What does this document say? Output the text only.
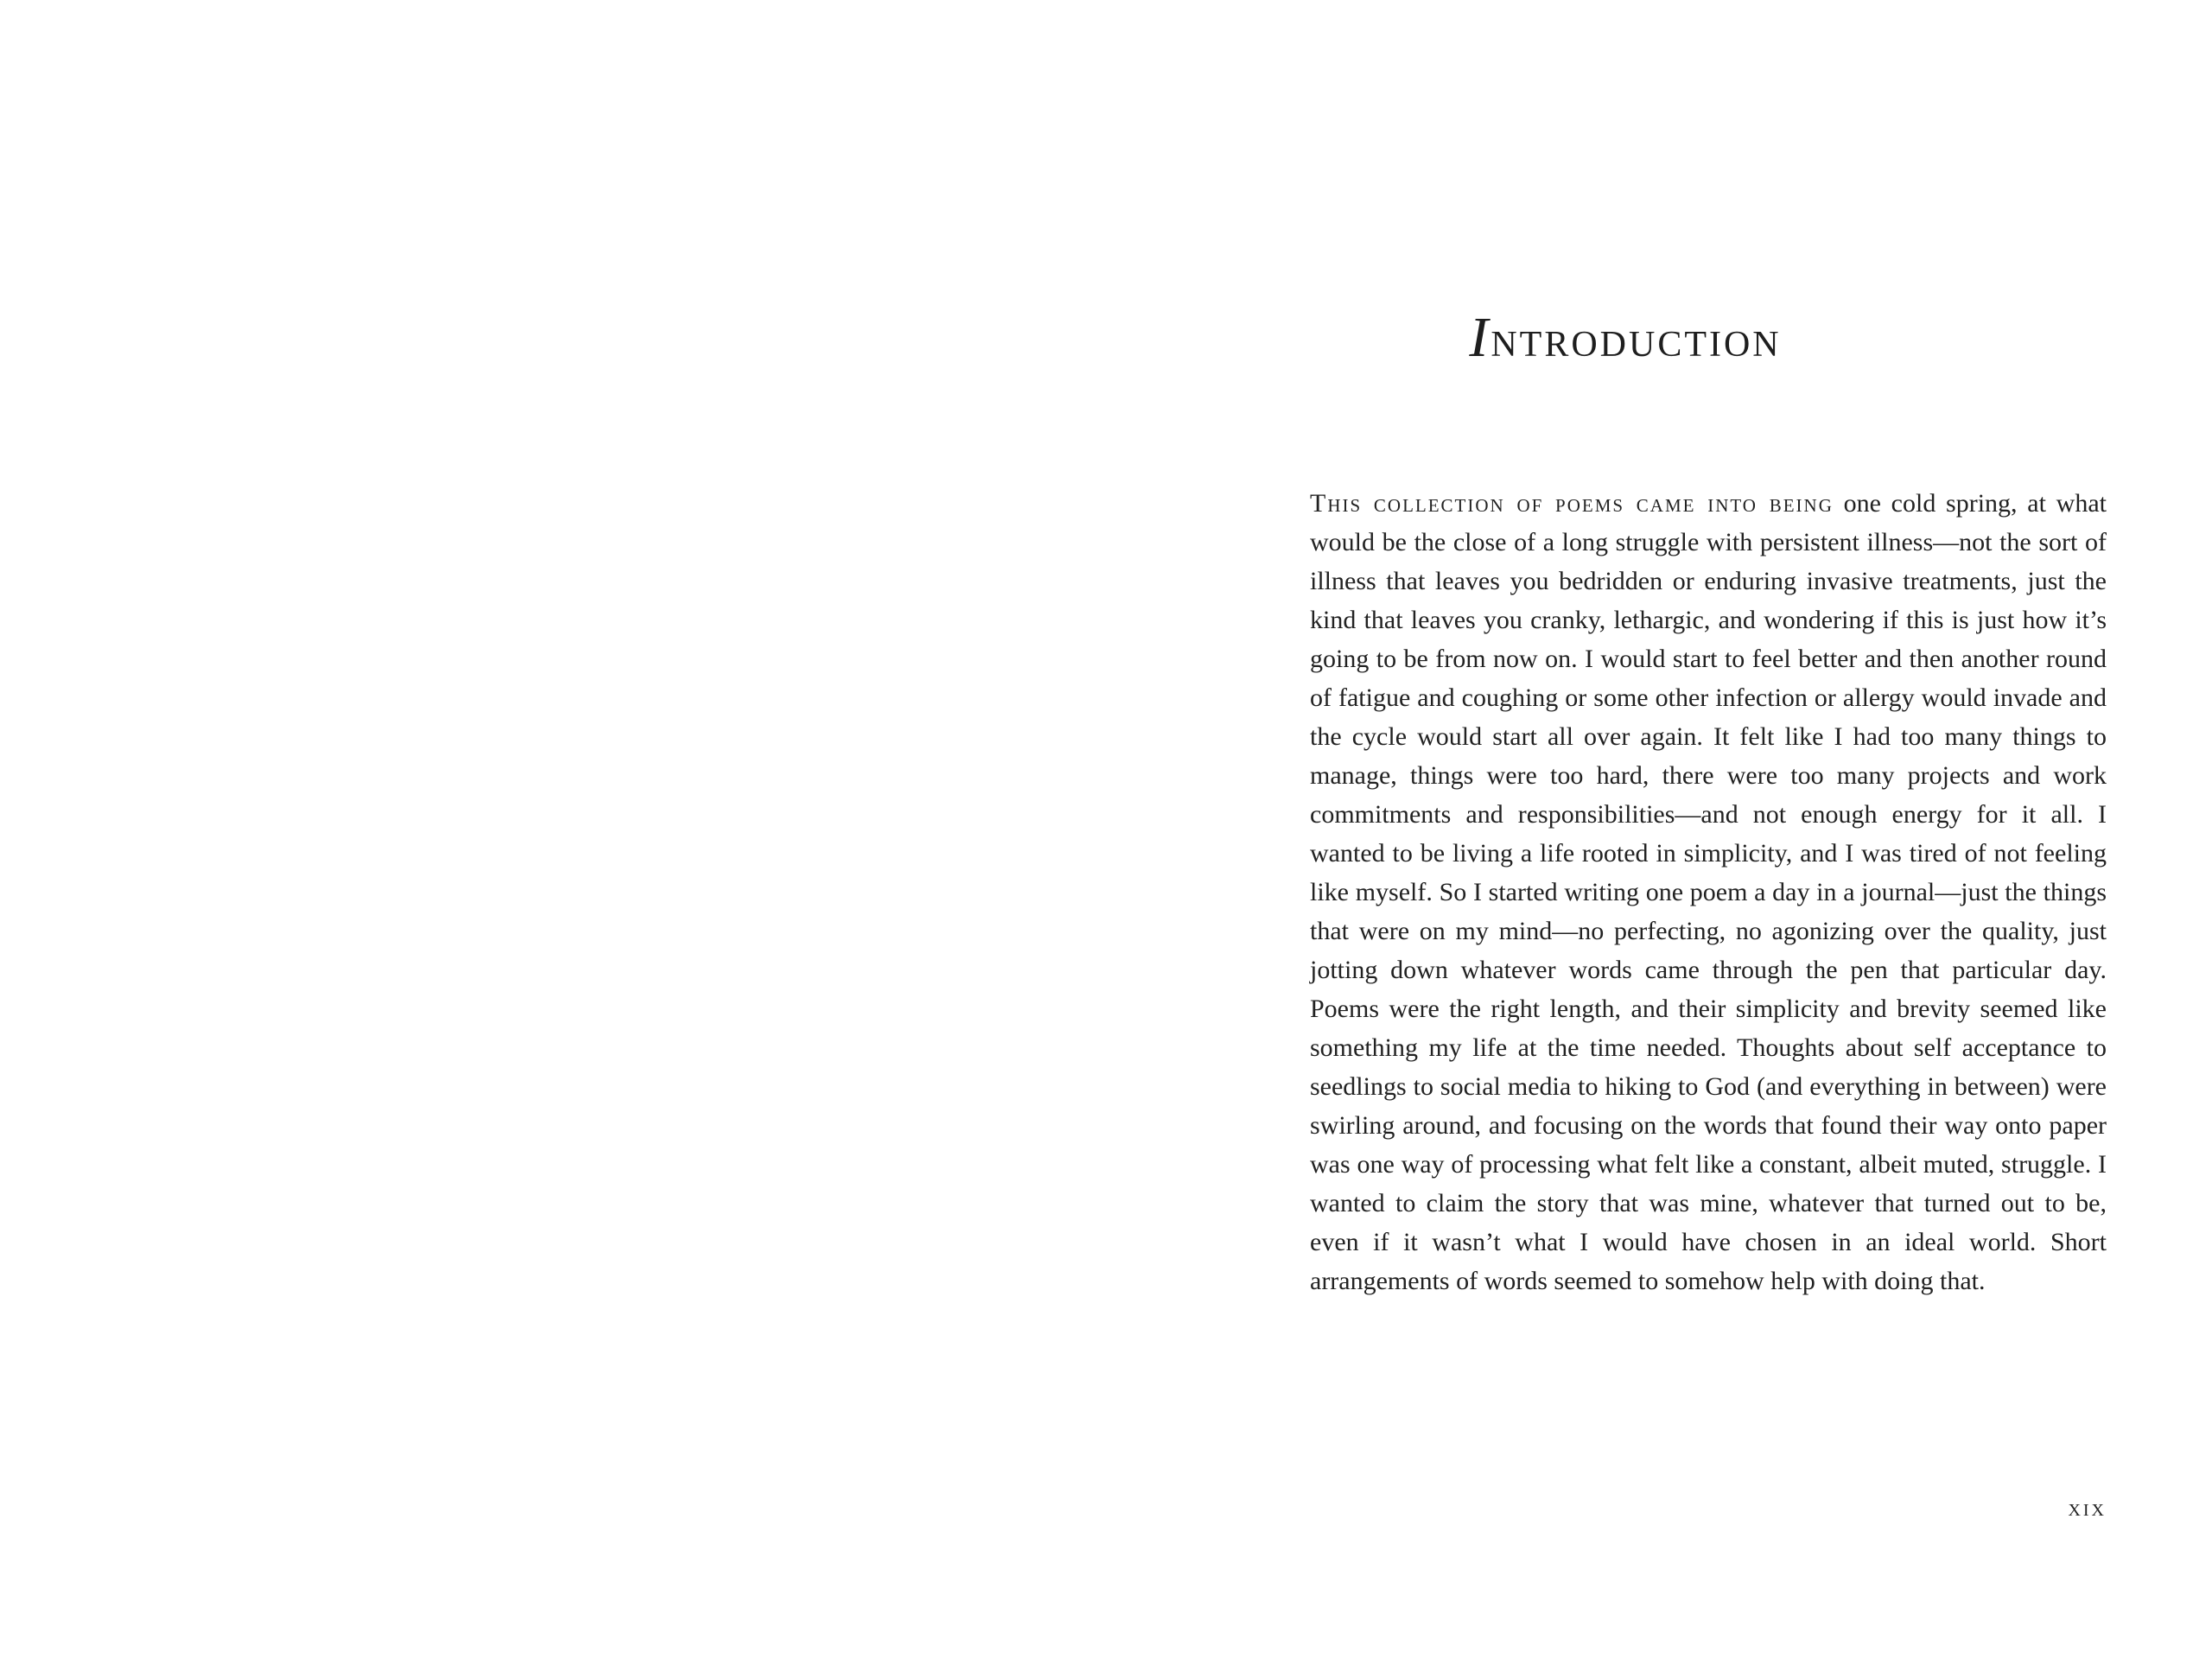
Introduction

This collection of poems came into being one cold spring, at what would be the close of a long struggle with persistent illness—not the sort of illness that leaves you bedridden or enduring invasive treatments, just the kind that leaves you cranky, lethargic, and wondering if this is just how it’s going to be from now on. I would start to feel better and then another round of fatigue and coughing or some other infection or allergy would invade and the cycle would start all over again. It felt like I had too many things to manage, things were too hard, there were too many projects and work commitments and responsibilities—and not enough energy for it all. I wanted to be living a life rooted in simplicity, and I was tired of not feeling like myself. So I started writing one poem a day in a journal—just the things that were on my mind—no perfecting, no agonizing over the quality, just jotting down whatever words came through the pen that particular day. Poems were the right length, and their simplicity and brevity seemed like something my life at the time needed. Thoughts about self acceptance to seedlings to social media to hiking to God (and everything in between) were swirling around, and focusing on the words that found their way onto paper was one way of processing what felt like a constant, albeit muted, struggle. I wanted to claim the story that was mine, whatever that turned out to be, even if it wasn’t what I would have chosen in an ideal world. Short arrangements of words seemed to somehow help with doing that.

xix
